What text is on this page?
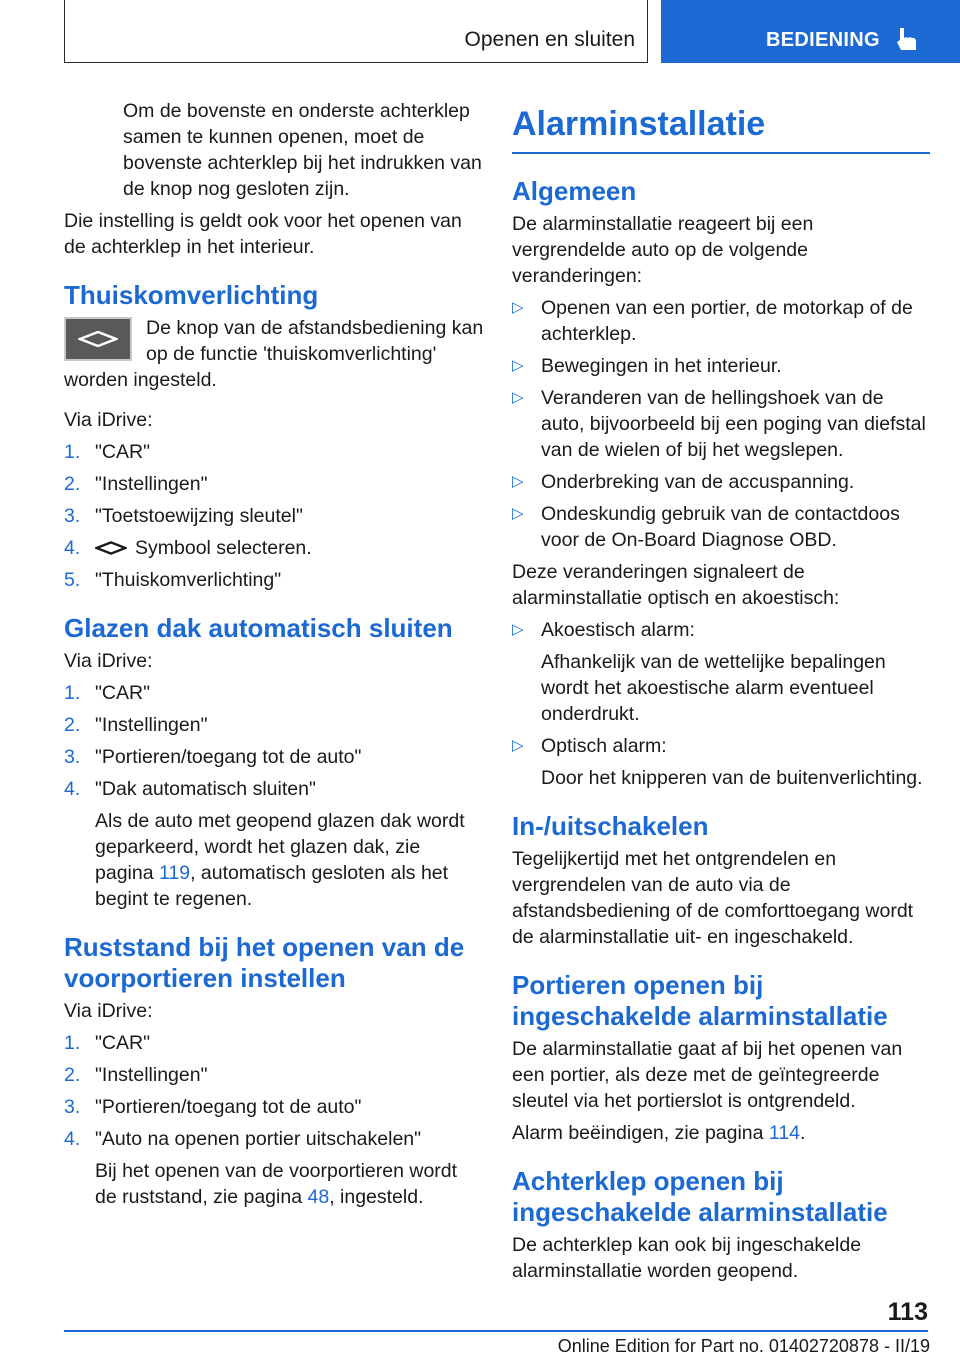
Openen en sluiten	BEDIENING

Om de bovenste en onderste achterklep samen te kunnen openen, moet de bovenste achterklep bij het indrukken van de knop nog gesloten zijn.

Die instelling is geldt ook voor het openen van de achterklep in het interieur.

Thuiskomverlichting

De knop van de afstandsbediening kan op de functie 'thuiskomverlichting' worden ingesteld.

Via iDrive:

1. "CAR"
2. "Instellingen"
3. "Toetstoewijzing sleutel"
4.	Symbool selecteren.
5. "Thuiskomverlichting"
Glazen dak automatisch sluiten

Via iDrive:

1. "CAR"
2. "Instellingen"
3. "Portieren/toegang tot de auto"
4. "Dak automatisch sluiten"
Als de auto met geopend glazen dak wordt geparkeerd, wordt het glazen dak, zie pagina 119, automatisch gesloten als het begint te regenen.
Ruststand bij het openen van de voorportieren instellen

Via iDrive:

1. "CAR"
2. "Instellingen"
3. "Portieren/toegang tot de auto"
4. "Auto na openen portier uitschakelen"
Bij het openen van de voorportieren wordt de ruststand, zie pagina 48, ingesteld.
Alarminstallatie
Algemeen

De alarminstallatie reageert bij een vergrendelde auto op de volgende veranderingen:

▷ Openen van een portier, de motorkap of de achterklep.
▷ Bewegingen in het interieur.
▷ Veranderen van de hellingshoek van de auto, bijvoorbeeld bij een poging van diefstal van de wielen of bij het wegslepen.
▷ Onderbreking van de accuspanning.
▷ Ondeskundig gebruik van de contactdoos voor de On-Board Diagnose OBD.

Deze veranderingen signaleert de alarminstallatie optisch en akoestisch:

▷ Akoestisch alarm:
Afhankelijk van de wettelijke bepalingen wordt het akoestische alarm eventueel onderdrukt.
▷ Optisch alarm:
Door het knipperen van de buitenverlichting.
In-/uitschakelen

Tegelijkertijd met het ontgrendelen en vergrendelen van de auto via de afstandsbediening of de comforttoegang wordt de alarminstallatie uit- en ingeschakeld.

Portieren openen bij ingeschakelde alarminstallatie

De alarminstallatie gaat af bij het openen van een portier, als deze met de geïntegreerde sleutel via het portierslot is ontgrendeld.

Alarm beëindigen, zie pagina 114.

Achterklep openen bij ingeschakelde alarminstallatie

De achterklep kan ook bij ingeschakelde alarminstallatie worden geopend.

113
Online Edition for Part no. 01402720878 - II/19
